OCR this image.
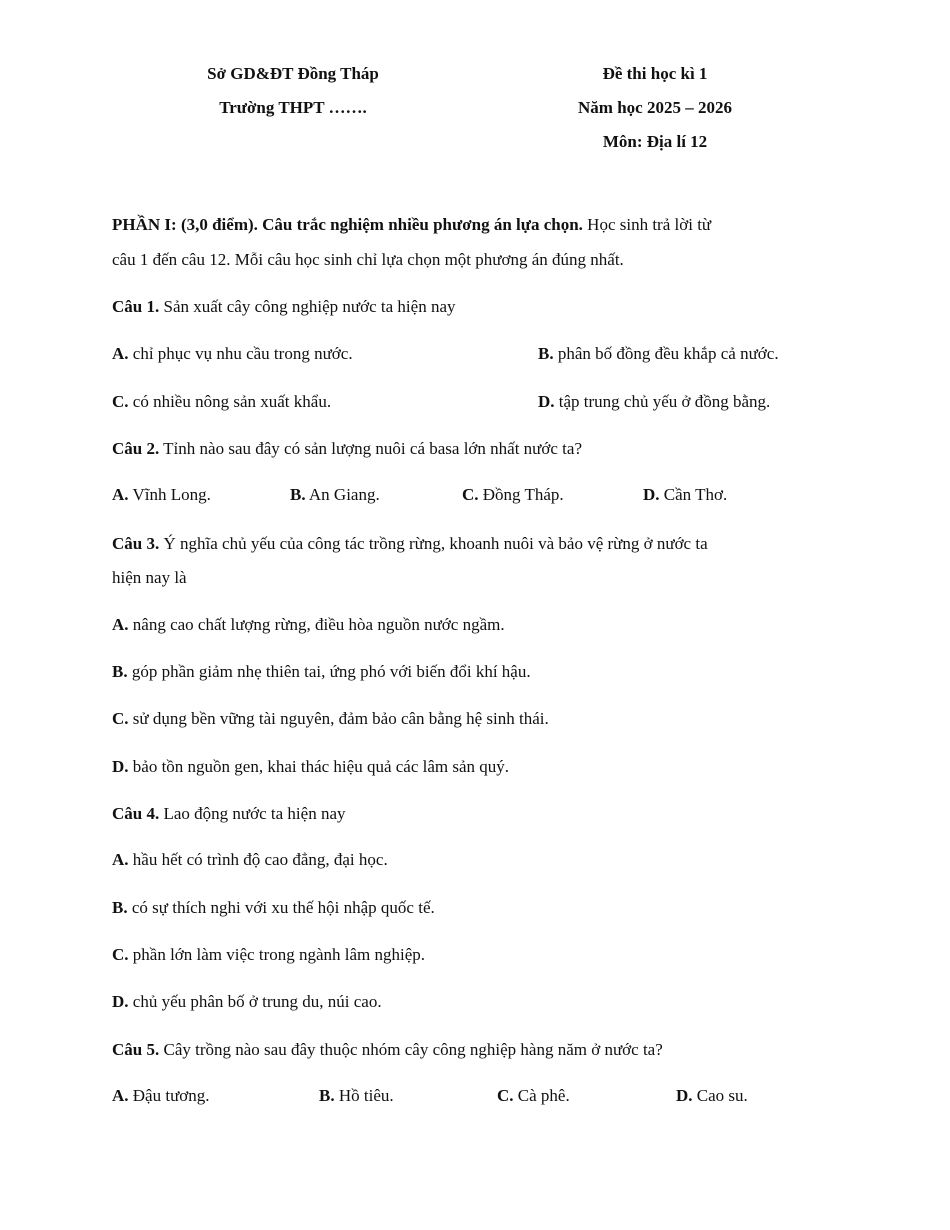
Sở GD&ĐT Đồng Tháp
Trường THPT …….
Đề thi học kì 1
Năm học 2025 – 2026
Môn: Địa lí 12
PHẦN I: (3,0 điểm). Câu trắc nghiệm nhiều phương án lựa chọn. Học sinh trả lời từ
câu 1 đến câu 12. Mỗi câu học sinh chỉ lựa chọn một phương án đúng nhất.
Câu 1. Sản xuất cây công nghiệp nước ta hiện nay
A. chỉ phục vụ nhu cầu trong nước.	B. phân bố đồng đều khắp cả nước.
C. có nhiều nông sản xuất khẩu.	D. tập trung chủ yếu ở đồng bằng.
Câu 2. Tỉnh nào sau đây có sản lượng nuôi cá basa lớn nhất nước ta?
A. Vĩnh Long.	B. An Giang.	C. Đồng Tháp.	D. Cần Thơ.
Câu 3. Ý nghĩa chủ yếu của công tác trồng rừng, khoanh nuôi và bảo vệ rừng ở nước ta
hiện nay là
A. nâng cao chất lượng rừng, điều hòa nguồn nước ngầm.
B. góp phần giảm nhẹ thiên tai, ứng phó với biến đổi khí hậu.
C. sử dụng bền vững tài nguyên, đảm bảo cân bằng hệ sinh thái.
D. bảo tồn nguồn gen, khai thác hiệu quả các lâm sản quý.
Câu 4. Lao động nước ta hiện nay
A. hầu hết có trình độ cao đẳng, đại học.
B. có sự thích nghi với xu thế hội nhập quốc tế.
C. phần lớn làm việc trong ngành lâm nghiệp.
D. chủ yếu phân bố ở trung du, núi cao.
Câu 5. Cây trồng nào sau đây thuộc nhóm cây công nghiệp hàng năm ở nước ta?
A. Đậu tương.	B. Hồ tiêu.	C. Cà phê.	D. Cao su.
